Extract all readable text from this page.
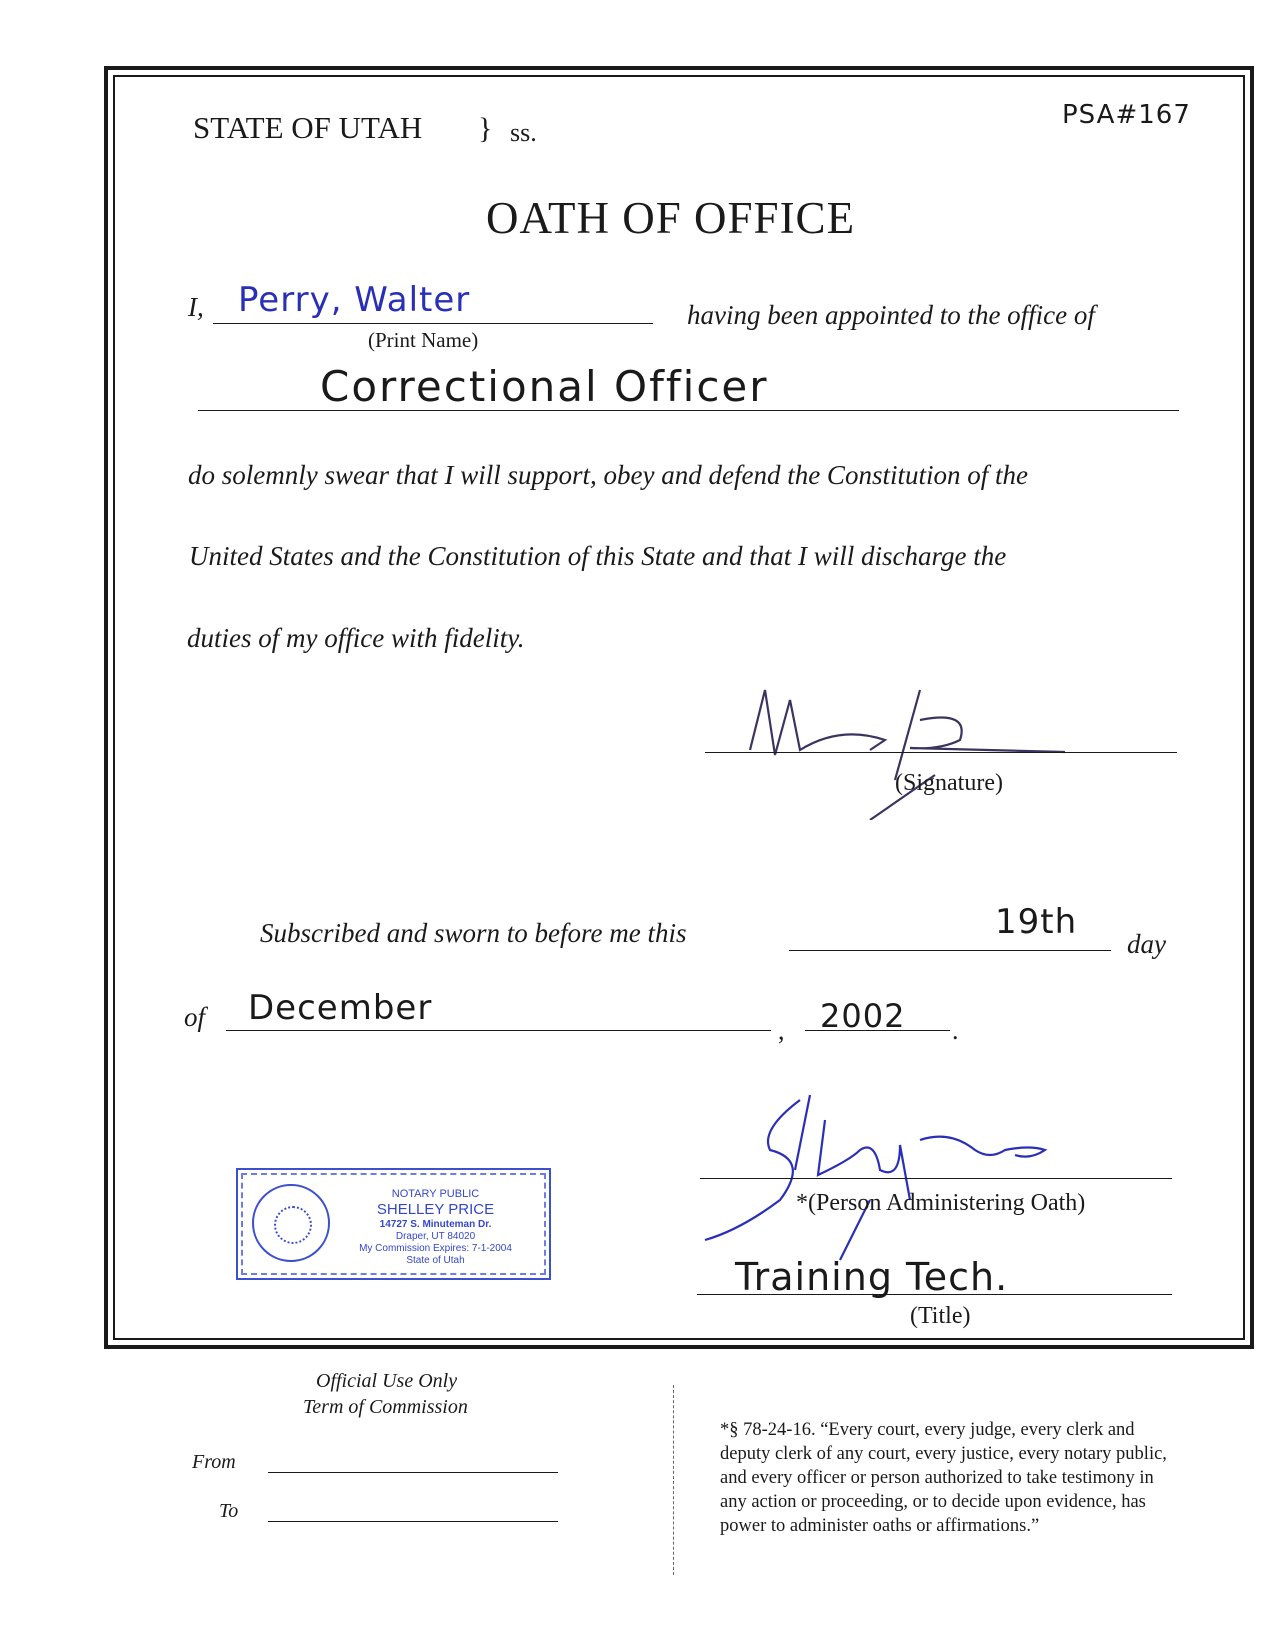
STATE OF UTAH } ss.
PSA#167
OATH OF OFFICE
I, Perry, Walter
(Print Name)
having been appointed to the office of
Correctional Officer
do solemnly swear that I will support, obey and defend the Constitution of the
United States and the Constitution of this State and that I will discharge the
duties of my office with fidelity.
(Signature)
Subscribed and sworn to before me this	19th
day
of December
, 2002 .
*(Person Administering Oath)
Training Tech.
(Title)
NOTARY PUBLIC
SHELLEY PRICE
14727 S. Minuteman Dr.
Draper, UT 84020
My Commission Expires: 7-1-2004
State of Utah
Official Use Only
Term of Commission
From
To
*§ 78-24-16. “Every court, every judge, every clerk and
deputy clerk of any court, every justice, every notary public,
and every officer or person authorized to take testimony in
any action or proceeding, or to decide upon evidence, has
power to administer oaths or affirmations.”
